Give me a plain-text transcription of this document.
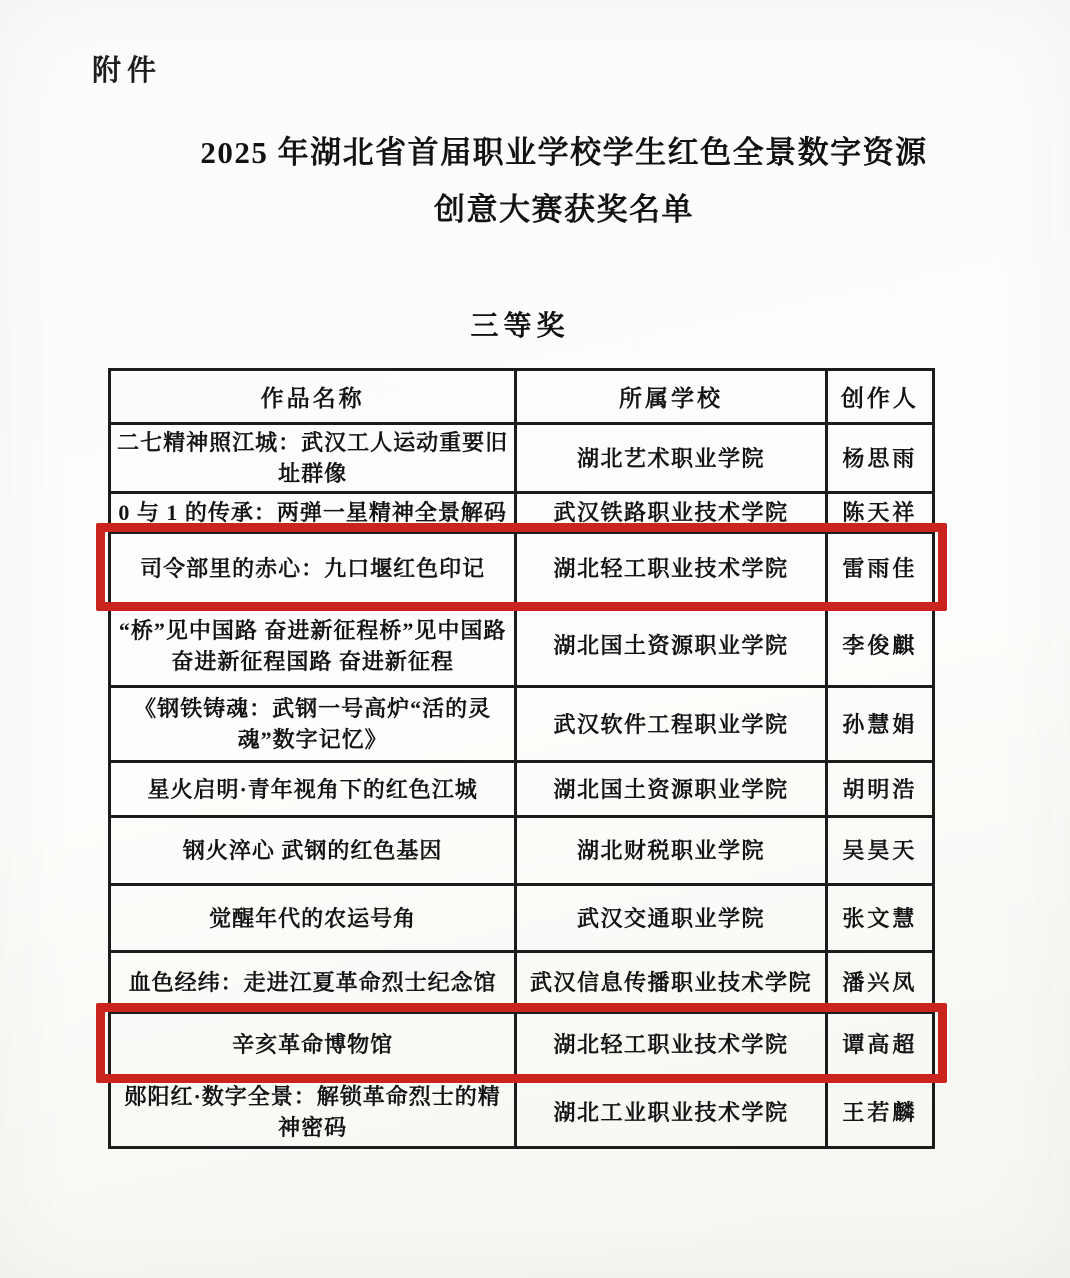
附件
2025 年湖北省首届职业学校学生红色全景数字资源
创意大赛获奖名单
三等奖
作品名称	所属学校	创作人
二七精神照江城：武汉工人运动重要旧址群像	湖北艺术职业学院	杨思雨
0 与 1 的传承：两弹一星精神全景解码	武汉铁路职业技术学院	陈天祥
司令部里的赤心：九口堰红色印记	湖北轻工职业技术学院	雷雨佳
“桥”见中国路 奋进新征程桥”见中国路 奋进新征程国路 奋进新征程	湖北国土资源职业学院	李俊麒
《钢铁铸魂：武钢一号高炉“活的灵魂”数字记忆》	武汉软件工程职业学院	孙慧娟
星火启明·青年视角下的红色江城	湖北国土资源职业学院	胡明浩
钢火淬心 武钢的红色基因	湖北财税职业学院	吴昊天
觉醒年代的农运号角	武汉交通职业学院	张文慧
血色经纬：走进江夏革命烈士纪念馆	武汉信息传播职业技术学院	潘兴凤
辛亥革命博物馆	湖北轻工职业技术学院	谭高超
郧阳红·数字全景：解锁革命烈士的精神密码	湖北工业职业技术学院	王若麟
